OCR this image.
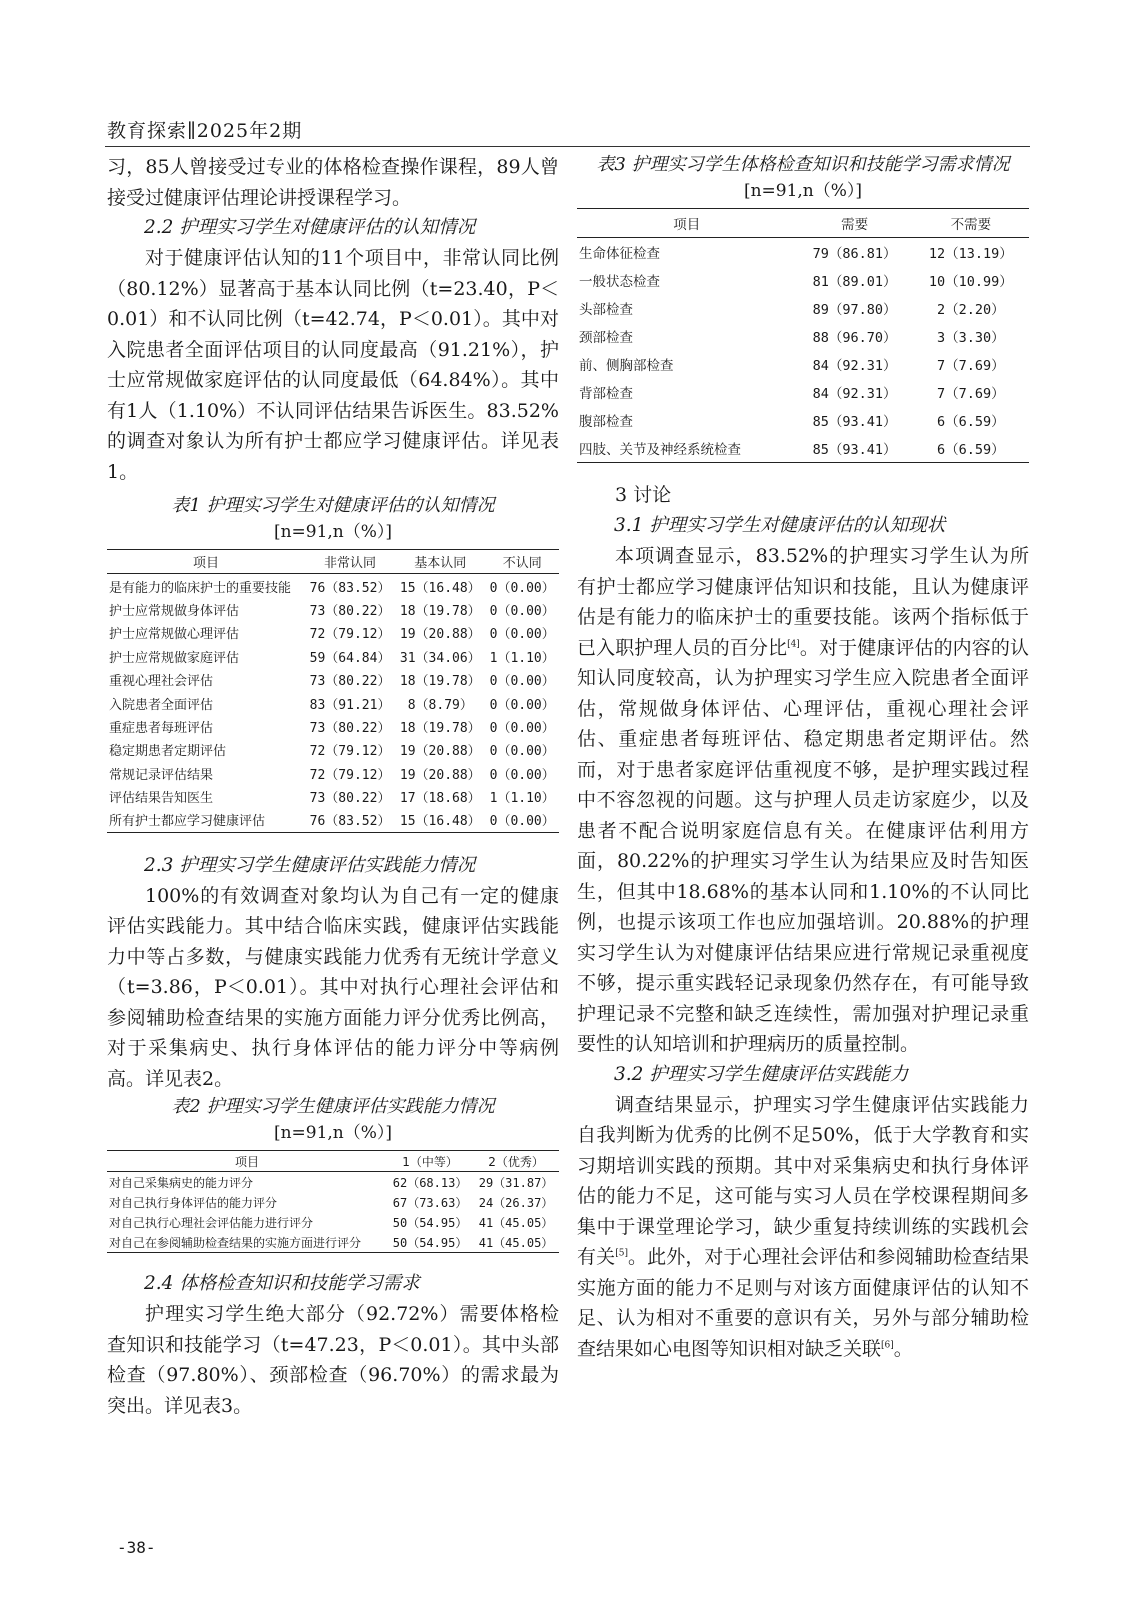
教育探索∥2025年2期

习，85人曾接受过专业的体格检查操作课程，89人曾接受过健康评估理论讲授课程学习。

2.2 护理实习学生对健康评估的认知情况

对于健康评估认知的11个项目中，非常认同比例（80.12%）显著高于基本认同比例（t=23.40，P＜0.01）和不认同比例（t=42.74，P＜0.01）。其中对入院患者全面评估项目的认同度最高（91.21%），护士应常规做家庭评估的认同度最低（64.84%）。其中有1人（1.10%）不认同评估结果告诉医生。83.52%的调查对象认为所有护士都应学习健康评估。详见表1。

表1 护理实习学生对健康评估的认知情况
[n=91,n（%）]
项目	非常认同	基本认同	不认同
是有能力的临床护士的重要技能	76（83.52）	15（16.48）	0（0.00）
护士应常规做身体评估	73（80.22）	18（19.78）	0（0.00）
护士应常规做心理评估	72（79.12）	19（20.88）	0（0.00）
护士应常规做家庭评估	59（64.84）	31（34.06）	1（1.10）
重视心理社会评估	73（80.22）	18（19.78）	0（0.00）
入院患者全面评估	83（91.21）	8（8.79）	0（0.00）
重症患者每班评估	73（80.22）	18（19.78）	0（0.00）
稳定期患者定期评估	72（79.12）	19（20.88）	0（0.00）
常规记录评估结果	72（79.12）	19（20.88）	0（0.00）
评估结果告知医生	73（80.22）	17（18.68）	1（1.10）
所有护士都应学习健康评估	76（83.52）	15（16.48）	0（0.00）
2.3 护理实习学生健康评估实践能力情况

100%的有效调查对象均认为自己有一定的健康评估实践能力。其中结合临床实践，健康评估实践能力中等占多数，与健康实践能力优秀有无统计学意义（t=3.86，P＜0.01）。其中对执行心理社会评估和参阅辅助检查结果的实施方面能力评分优秀比例高，对于采集病史、执行身体评估的能力评分中等病例高。详见表2。

表2 护理实习学生健康评估实践能力情况
[n=91,n（%）]
项目	1（中等）	2（优秀）
对自己采集病史的能力评分	62（68.13）	29（31.87）
对自己执行身体评估的能力评分	67（73.63）	24（26.37）
对自己执行心理社会评估能力进行评分	50（54.95）	41（45.05）
对自己在参阅辅助检查结果的实施方面进行评分	50（54.95）	41（45.05）
2.4 体格检查知识和技能学习需求

护理实习学生绝大部分（92.72%）需要体格检查知识和技能学习（t=47.23，P＜0.01）。其中头部检查（97.80%）、颈部检查（96.70%）的需求最为突出。详见表3。

表3 护理实习学生体格检查知识和技能学习需求情况
[n=91,n（%）]
项目	需要	不需要
生命体征检查	79（86.81）	12（13.19）
一般状态检查	81（89.01）	10（10.99）
头部检查	89（97.80）	2（2.20）
颈部检查	88（96.70）	3（3.30）
前、侧胸部检查	84（92.31）	7（7.69）
背部检查	84（92.31）	7（7.69）
腹部检查	85（93.41）	6（6.59）
四肢、关节及神经系统检查	85（93.41）	6（6.59）
3 讨论
3.1 护理实习学生对健康评估的认知现状

本项调查显示，83.52%的护理实习学生认为所有护士都应学习健康评估知识和技能，且认为健康评估是有能力的临床护士的重要技能。该两个指标低于已入职护理人员的百分比[4]。对于健康评估的内容的认知认同度较高，认为护理实习学生应入院患者全面评估，常规做身体评估、心理评估，重视心理社会评估、重症患者每班评估、稳定期患者定期评估。然而，对于患者家庭评估重视度不够，是护理实践过程中不容忽视的问题。这与护理人员走访家庭少，以及患者不配合说明家庭信息有关。在健康评估利用方面，80.22%的护理实习学生认为结果应及时告知医生，但其中18.68%的基本认同和1.10%的不认同比例，也提示该项工作也应加强培训。20.88%的护理实习学生认为对健康评估结果应进行常规记录重视度不够，提示重实践轻记录现象仍然存在，有可能导致护理记录不完整和缺乏连续性，需加强对护理记录重要性的认知培训和护理病历的质量控制。

3.2 护理实习学生健康评估实践能力

调查结果显示，护理实习学生健康评估实践能力自我判断为优秀的比例不足50%，低于大学教育和实习期培训实践的预期。其中对采集病史和执行身体评估的能力不足，这可能与实习人员在学校课程期间多集中于课堂理论学习，缺少重复持续训练的实践机会有关[5]。此外，对于心理社会评估和参阅辅助检查结果实施方面的能力不足则与对该方面健康评估的认知不足、认为相对不重要的意识有关，另外与部分辅助检查结果如心电图等知识相对缺乏关联[6]。

-38-
